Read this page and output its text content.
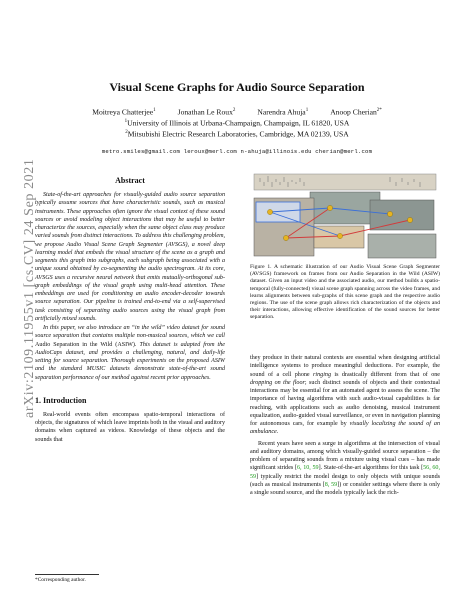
arXiv:2109.11955v1 [cs.CV] 24 Sep 2021
Visual Scene Graphs for Audio Source Separation
Moitreya Chatterjee$^1$	Jonathan Le Roux$^2$	Narendra Ahuja$^1$	Anoop Cherian$^{2*}$
$^1$University of Illinois at Urbana-Champaign, Champaign, IL 61820, USA
$^2$Mitsubishi Electric Research Laboratories, Cambridge, MA 02139, USA
metro.smiles@gmail.com leroux@merl.com n-ahuja@illinois.edu cherian@merl.com
Abstract

State-of-the-art approaches for visually-guided audio source separation typically assume sources that have characteristic sounds, such as musical instruments. These approaches often ignore the visual context of these sound sources or avoid modeling object interactions that may be useful to better characterize the sources, especially when the same object class may produce varied sounds from distinct interactions. To address this challenging problem, we propose Audio Visual Scene Graph Segmenter (AVSGS), a novel deep learning model that embeds the visual structure of the scene as a graph and segments this graph into subgraphs, each subgraph being associated with a unique sound obtained by co-segmenting the audio spectrogram. At its core, AVSGS uses a recursive neural network that emits mutually-orthogonal sub-graph embeddings of the visual graph using multi-head attention. These embeddings are used for conditioning an audio encoder-decoder towards source separation. Our pipeline is trained end-to-end via a self-supervised task consisting of separating audio sources using the visual graph from artificially mixed sounds.

In this paper, we also introduce an “in the wild” video dataset for sound source separation that contains multiple non-musical sources, which we call Audio Separation in the Wild (ASIW). This dataset is adapted from the AudioCaps dataset, and provides a challenging, natural, and daily-life setting for source separation. Thorough experiments on the proposed ASIW and the standard MUSIC datasets demonstrate state-of-the-art sound separation performance of our method against recent prior approaches.

1. Introduction

Real-world events often encompass spatio-temporal interactions of objects, the signatures of which leave imprints both in the visual and auditory domains when captured as videos. Knowledge of these objects and the sounds that

*Corresponding author.
Figure 1. A schematic illustration of our Audio Visual Scene Graph Segmenter (AVSGS) framework on frames from our Audio Separation in the Wild (ASIW) dataset. Given an input video and the associated audio, our method builds a spatio-temporal (fully-connected) visual scene graph spanning across the video frames, and learns alignments between sub-graphs of this scene graph and the respective audio regions. The use of the scene graph allows rich characterization of the objects and their interactions, allowing effective identification of the sound sources for better separation.

they produce in their natural contexts are essential when designing artificial intelligence systems to produce meaningful deductions. For example, the sound of a cell phone ringing is drastically different from that of one dropping on the floor; such distinct sounds of objects and their contextual interactions may be essential for an automated agent to assess the scene. The importance of having algorithms with such audio-visual capabilities is far reaching, with applications such as audio denoising, musical instrument equalization, audio-guided visual surveillance, or even in navigation planning for autonomous cars, for example by visually localizing the sound of an ambulance.

Recent years have seen a surge in algorithms at the intersection of visual and auditory domains, among which visually-guided source separation – the problem of separating sounds from a mixture using visual cues – has made significant strides [6, 10, 59]. State-of-the-art algorithms for this task [56, 60, 59] typically restrict the model design to only objects with unique sounds (such as musical instruments [8, 59]) or consider settings where there is only a single sound source, and the models typically lack the rich-
